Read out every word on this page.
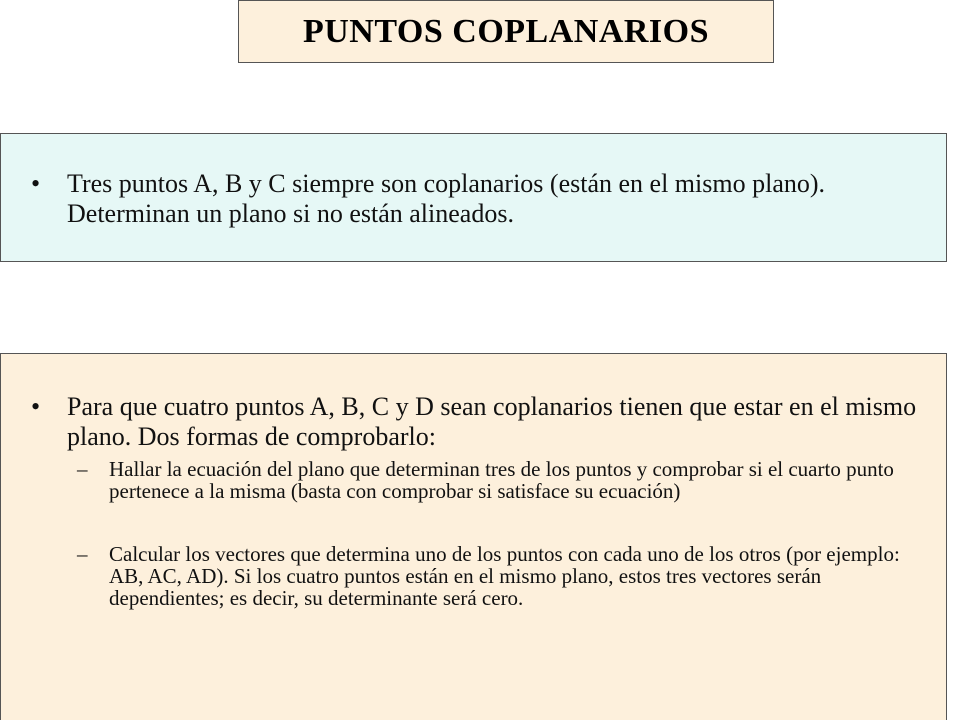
PUNTOS COPLANARIOS
• Tres puntos A, B y C siempre son coplanarios (están en el mismo plano). Determinan un plano si no están alineados.
• Para que cuatro puntos A, B, C y D sean coplanarios tienen que estar en el mismo plano. Dos formas de comprobarlo:
– Hallar la ecuación del plano que determinan tres de los puntos y comprobar si el cuarto punto pertenece a la misma (basta con comprobar si satisface su ecuación)
– Calcular los vectores que determina uno de los puntos con cada uno de los otros (por ejemplo: AB, AC, AD). Si los cuatro puntos están en el mismo plano, estos tres vectores serán dependientes; es decir, su determinante será cero.
